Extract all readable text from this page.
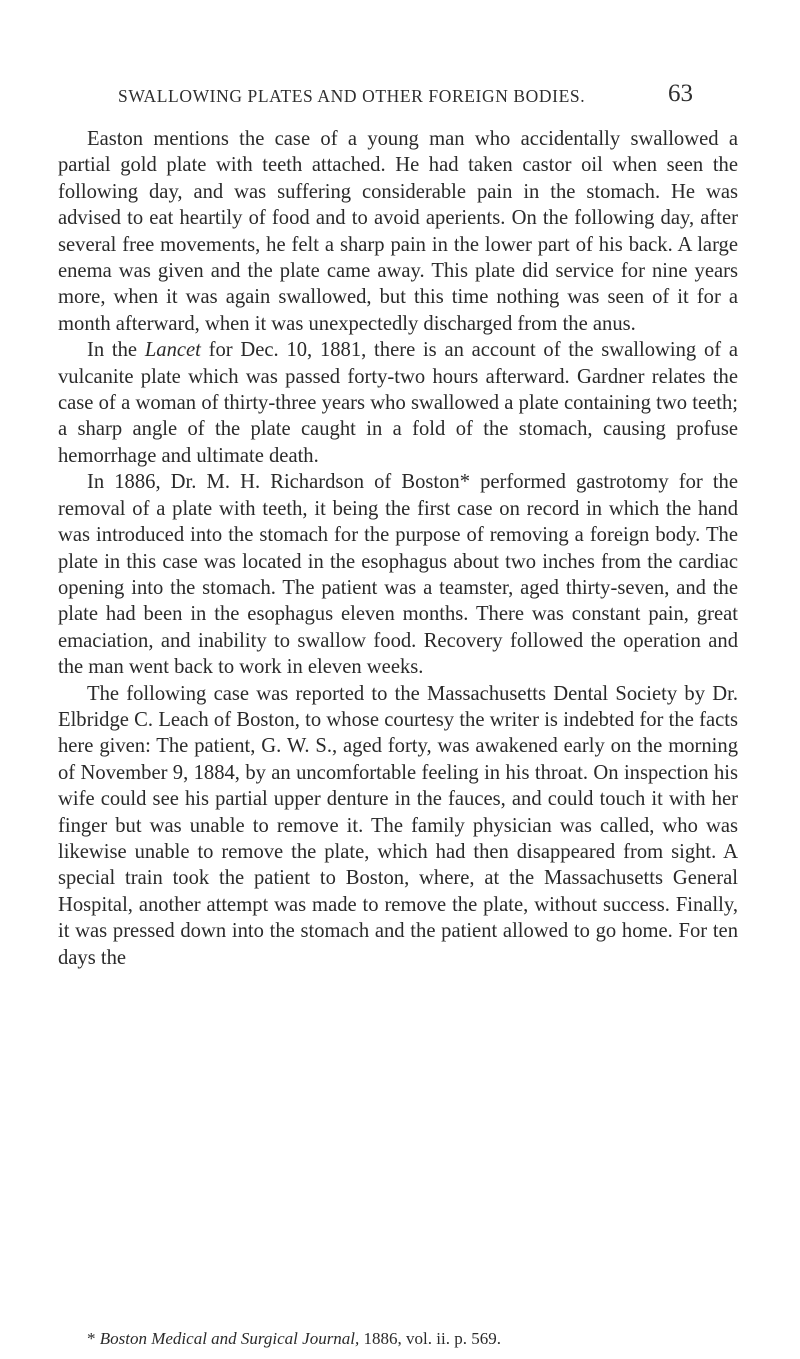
SWALLOWING PLATES AND OTHER FOREIGN BODIES.	63

Easton mentions the case of a young man who accidentally swallowed a partial gold plate with teeth attached. He had taken castor oil when seen the following day, and was suffering considerable pain in the stomach. He was advised to eat heartily of food and to avoid aperients. On the following day, after several free movements, he felt a sharp pain in the lower part of his back. A large enema was given and the plate came away. This plate did service for nine years more, when it was again swallowed, but this time nothing was seen of it for a month afterward, when it was unexpectedly discharged from the anus.

In the Lancet for Dec. 10, 1881, there is an account of the swallowing of a vulcanite plate which was passed forty-two hours afterward. Gardner relates the case of a woman of thirty-three years who swallowed a plate containing two teeth; a sharp angle of the plate caught in a fold of the stomach, causing profuse hemorrhage and ultimate death.

In 1886, Dr. M. H. Richardson of Boston* performed gastrotomy for the removal of a plate with teeth, it being the first case on record in which the hand was introduced into the stomach for the purpose of removing a foreign body. The plate in this case was located in the esophagus about two inches from the cardiac opening into the stomach. The patient was a teamster, aged thirty-seven, and the plate had been in the esophagus eleven months. There was constant pain, great emaciation, and inability to swallow food. Recovery followed the operation and the man went back to work in eleven weeks.

The following case was reported to the Massachusetts Dental Society by Dr. Elbridge C. Leach of Boston, to whose courtesy the writer is indebted for the facts here given: The patient, G. W. S., aged forty, was awakened early on the morning of November 9, 1884, by an uncomfortable feeling in his throat. On inspection his wife could see his partial upper denture in the fauces, and could touch it with her finger but was unable to remove it. The family physician was called, who was likewise unable to remove the plate, which had then disappeared from sight. A special train took the patient to Boston, where, at the Massachusetts General Hospital, another attempt was made to remove the plate, without success. Finally, it was pressed down into the stomach and the patient allowed to go home. For ten days the

* Boston Medical and Surgical Journal, 1886, vol. ii. p. 569.
